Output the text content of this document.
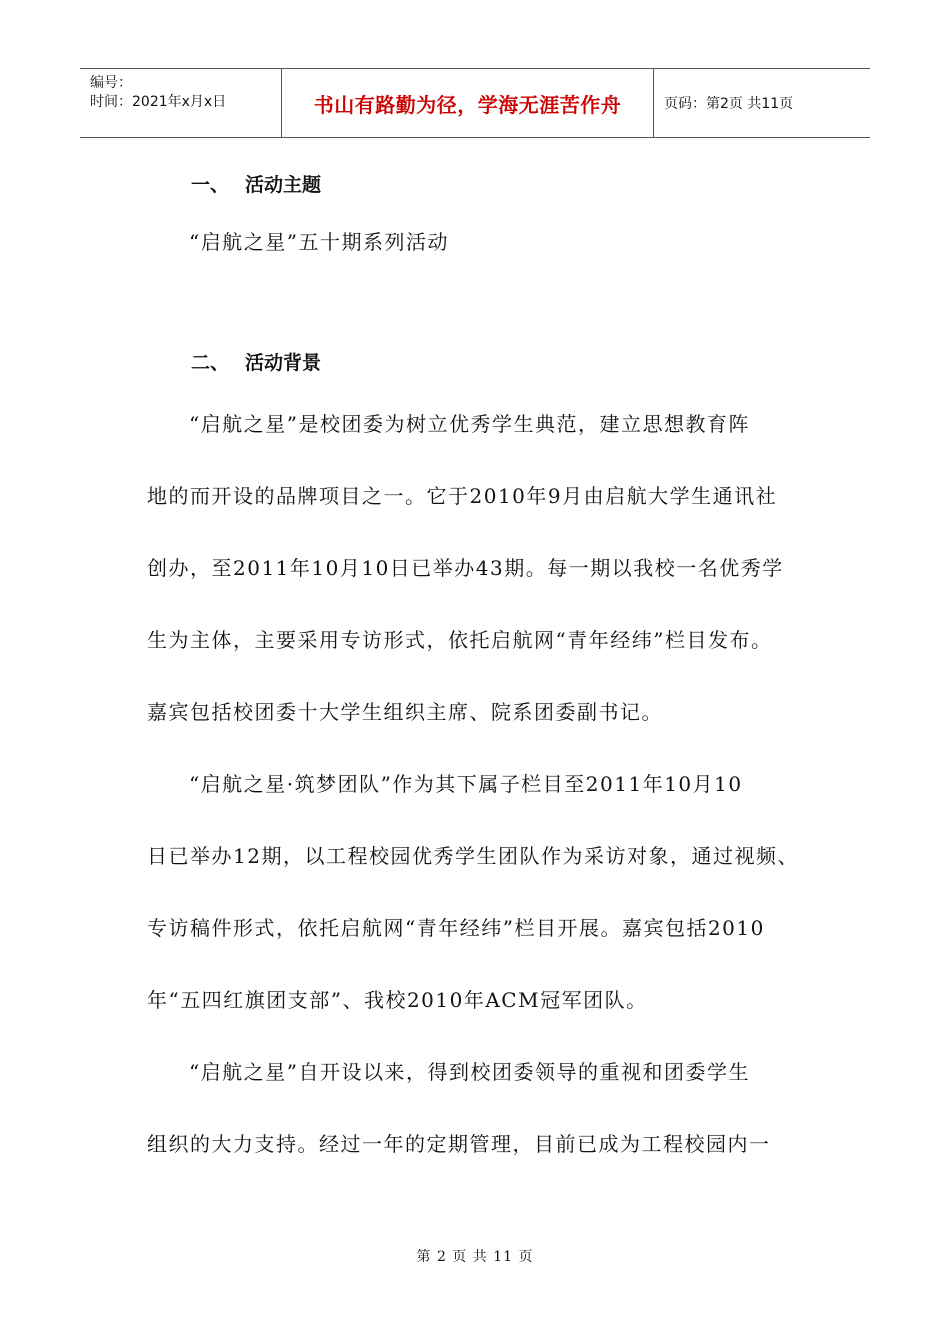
编号：
时间：2021年x月x日	书山有路勤为径，学海无涯苦作舟	页码：第2页 共11页
一、 活动主题

“启航之星”五十期系列活动

二、 活动背景

“启航之星”是校团委为树立优秀学生典范，建立思想教育阵

地的而开设的品牌项目之一。它于2010年9月由启航大学生通讯社

创办，至2011年10月10日已举办43期。每一期以我校一名优秀学

生为主体，主要采用专访形式，依托启航网“青年经纬”栏目发布。

嘉宾包括校团委十大学生组织主席、院系团委副书记。

“启航之星·筑梦团队”作为其下属子栏目至2011年10月10

日已举办12期，以工程校园优秀学生团队作为采访对象，通过视频、

专访稿件形式，依托启航网“青年经纬”栏目开展。嘉宾包括2010

年“五四红旗团支部”、我校2010年ACM冠军团队。

“启航之星”自开设以来，得到校团委领导的重视和团委学生

组织的大力支持。经过一年的定期管理，目前已成为工程校园内一

第 2 页 共 11 页
